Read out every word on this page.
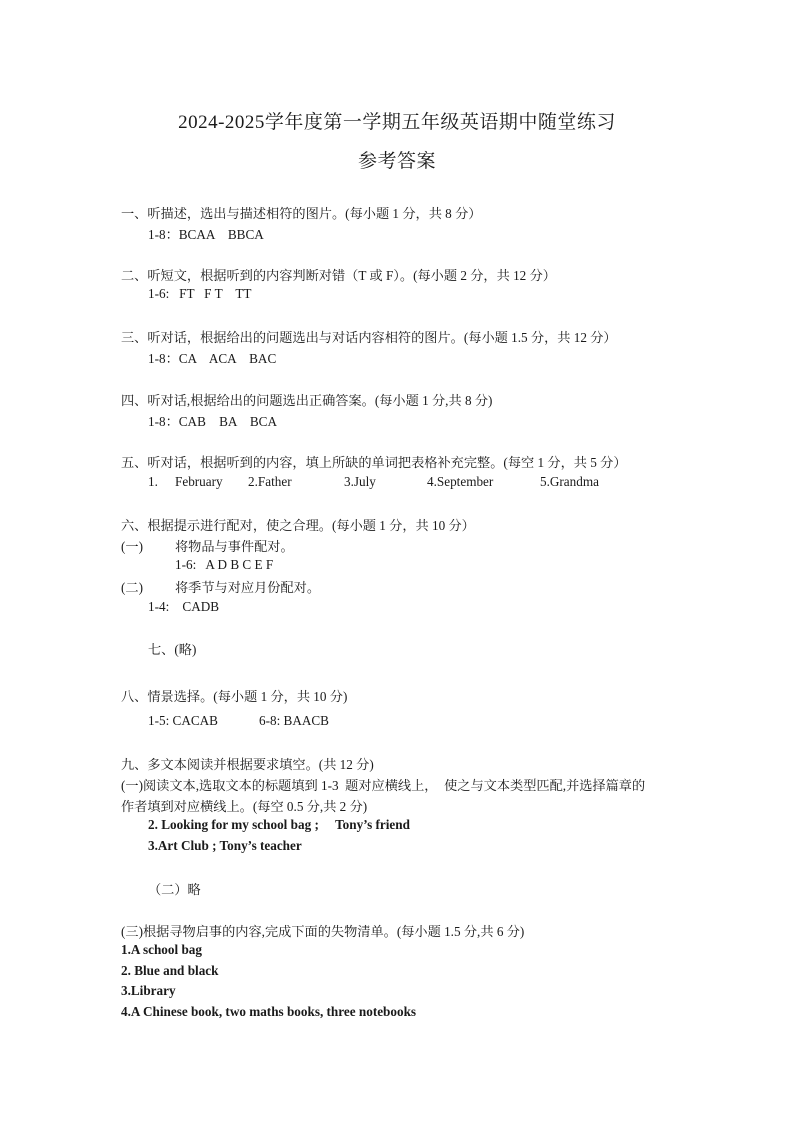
2024-2025学年度第一学期五年级英语期中随堂练习
参考答案
一、听描述，选出与描述相符的图片。(每小题 1 分，共 8 分）
1-8：BCAA    BBCA
二、听短文，根据听到的内容判断对错（T 或 F）。(每小题 2 分，共 12 分）
1-6:   FT   F T    TT
三、听对话，根据给出的问题选出与对话内容相符的图片。(每小题 1.5 分，共 12 分）
1-8：CA    ACA    BAC
四、听对话,根据给出的问题选出正确答案。(每小题 1 分,共 8 分)
1-8：CAB    BA    BCA
五、听对话，根据听到的内容，填上所缺的单词把表格补充完整。(每空 1 分，共 5 分）
1. February 2.Father	3.July	4.September	5.Grandma
六、根据提示进行配对，使之合理。(每小题 1 分，共 10 分）
(一) 将物品与事件配对。
1-6:   A D B C E F
(二) 将季节与对应月份配对。
1-4:    CADB
七、(略)
八、情景选择。(每小题 1 分，共 10 分)
1-5: CACAB	6-8: BAACB
九、多文本阅读并根据要求填空。(共 12 分)
(一)阅读文本,选取文本的标题填到 1-3  题对应横线上，  使之与文本类型匹配,并选择篇章的
作者填到对应横线上。(每空 0.5 分,共 2 分)
2. Looking for my school bag ;     Tony’s friend
3.Art Club ; Tony’s teacher
（二）略
(三)根据寻物启事的内容,完成下面的失物清单。(每小题 1.5 分,共 6 分)
1.A school bag
2. Blue and black
3.Library
4.A Chinese book, two maths books, three notebooks
